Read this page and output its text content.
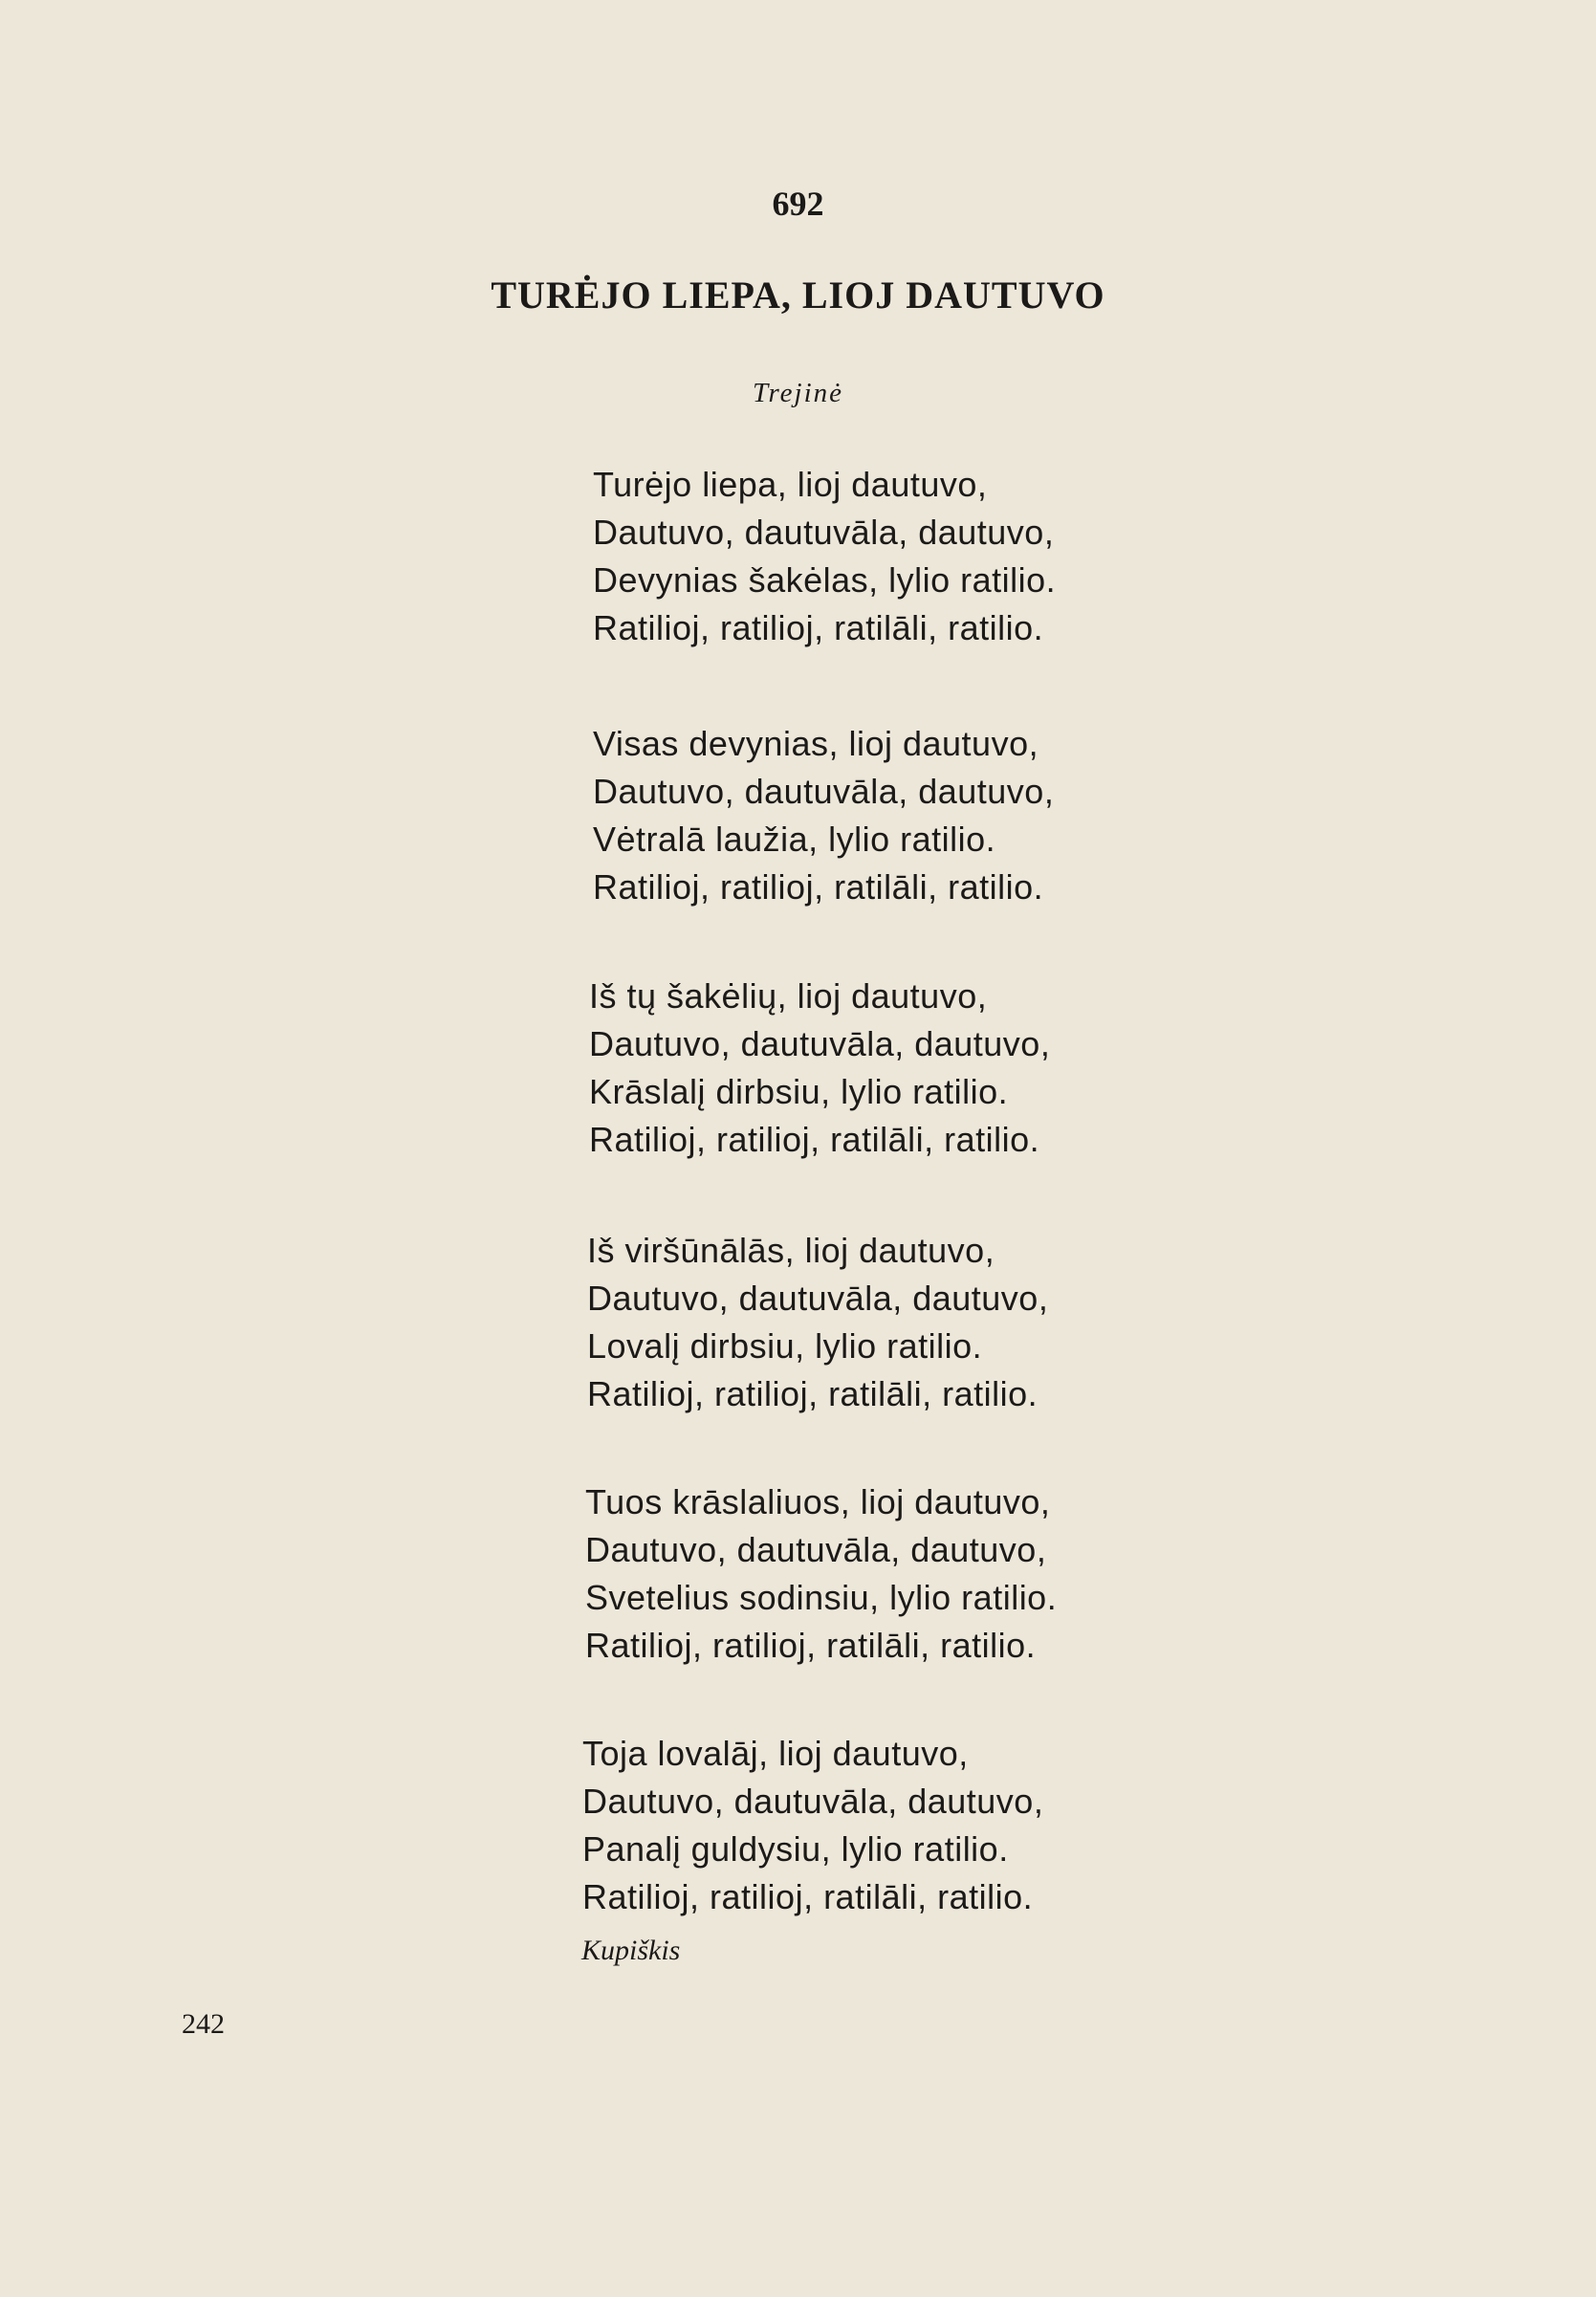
692
TURĖJO LIEPA, LIOJ DAUTUVO
Trejinė
Turėjo liepa, lioj dautuvo,
Dautuvo, dautuvāla, dautuvo,
Devynias šakėlas, lylio ratilio.
Ratilioj, ratilioj, ratilāli, ratilio.
Visas devynias, lioj dautuvo,
Dautuvo, dautuvāla, dautuvo,
Vėtralā laužia, lylio ratilio.
Ratilioj, ratilioj, ratilāli, ratilio.
Iš tų šakėlių, lioj dautuvo,
Dautuvo, dautuvāla, dautuvo,
Krāslalį dirbsiu, lylio ratilio.
Ratilioj, ratilioj, ratilāli, ratilio.
Iš viršūnālās, lioj dautuvo,
Dautuvo, dautuvāla, dautuvo,
Lovalį dirbsiu, lylio ratilio.
Ratilioj, ratilioj, ratilāli, ratilio.
Tuos krāslaliuos, lioj dautuvo,
Dautuvo, dautuvāla, dautuvo,
Svetelius sodinsiu, lylio ratilio.
Ratilioj, ratilioj, ratilāli, ratilio.
Toja lovalāj, lioj dautuvo,
Dautuvo, dautuvāla, dautuvo,
Panalį guldysiu, lylio ratilio.
Ratilioj, ratilioj, ratilāli, ratilio.
Kupiškis
242
